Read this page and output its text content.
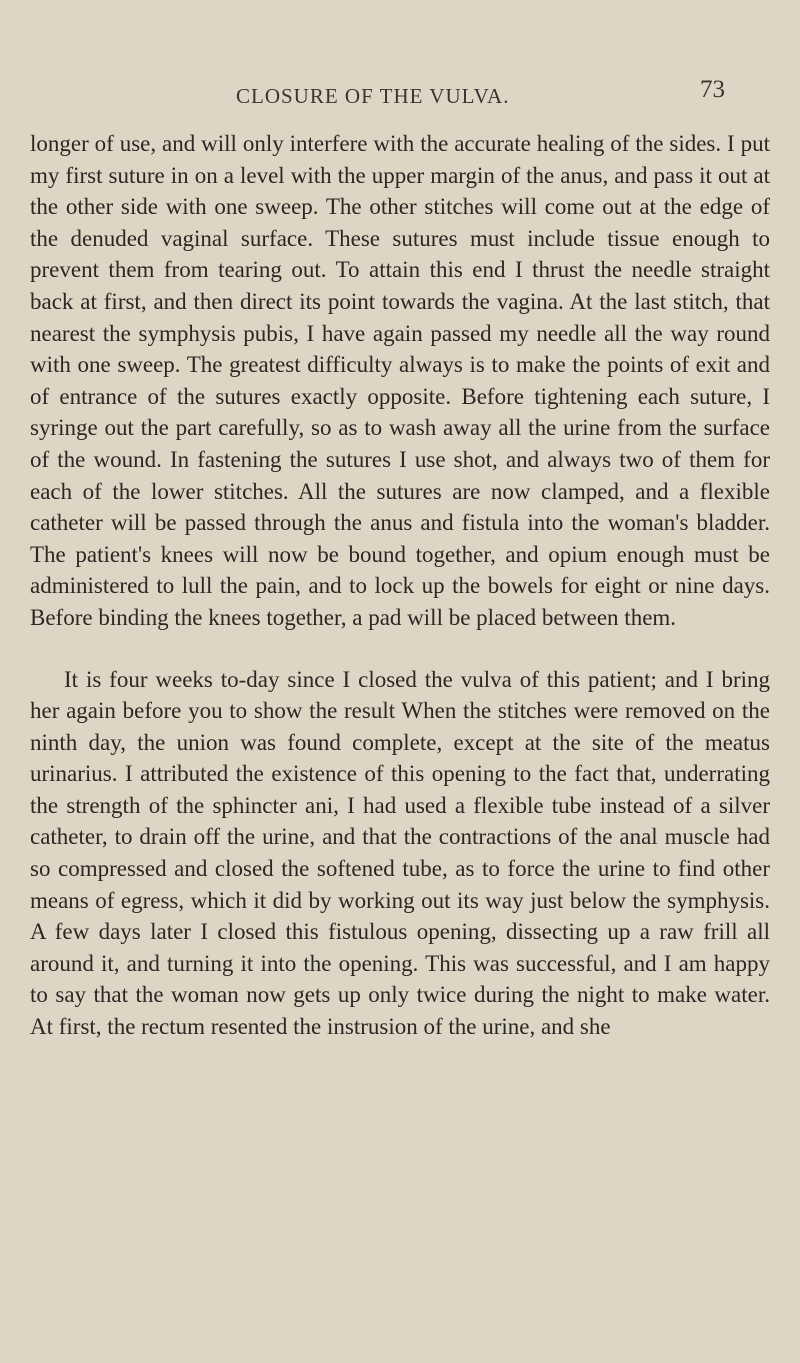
CLOSURE OF THE VULVA.	73

longer of use, and will only interfere with the accurate healing of the sides. I put my first suture in on a level with the upper margin of the anus, and pass it out at the other side with one sweep. The other stitches will come out at the edge of the denuded vaginal surface. These sutures must include tissue enough to prevent them from tearing out. To attain this end I thrust the needle straight back at first, and then direct its point towards the vagina. At the last stitch, that nearest the symphysis pubis, I have again passed my needle all the way round with one sweep. The greatest difficulty always is to make the points of exit and of entrance of the sutures exactly opposite. Before tightening each suture, I syringe out the part carefully, so as to wash away all the urine from the surface of the wound. In fastening the sutures I use shot, and always two of them for each of the lower stitches. All the sutures are now clamped, and a flexible catheter will be passed through the anus and fistula into the woman's bladder. The patient's knees will now be bound together, and opium enough must be administered to lull the pain, and to lock up the bowels for eight or nine days. Before binding the knees together, a pad will be placed between them.

It is four weeks to-day since I closed the vulva of this patient; and I bring her again before you to show the result When the stitches were removed on the ninth day, the union was found complete, except at the site of the meatus urinarius. I attributed the existence of this opening to the fact that, underrating the strength of the sphincter ani, I had used a flexible tube instead of a silver catheter, to drain off the urine, and that the contractions of the anal muscle had so compressed and closed the softened tube, as to force the urine to find other means of egress, which it did by working out its way just below the symphysis. A few days later I closed this fistulous opening, dissecting up a raw frill all around it, and turning it into the opening. This was successful, and I am happy to say that the woman now gets up only twice during the night to make water. At first, the rectum resented the instrusion of the urine, and she
